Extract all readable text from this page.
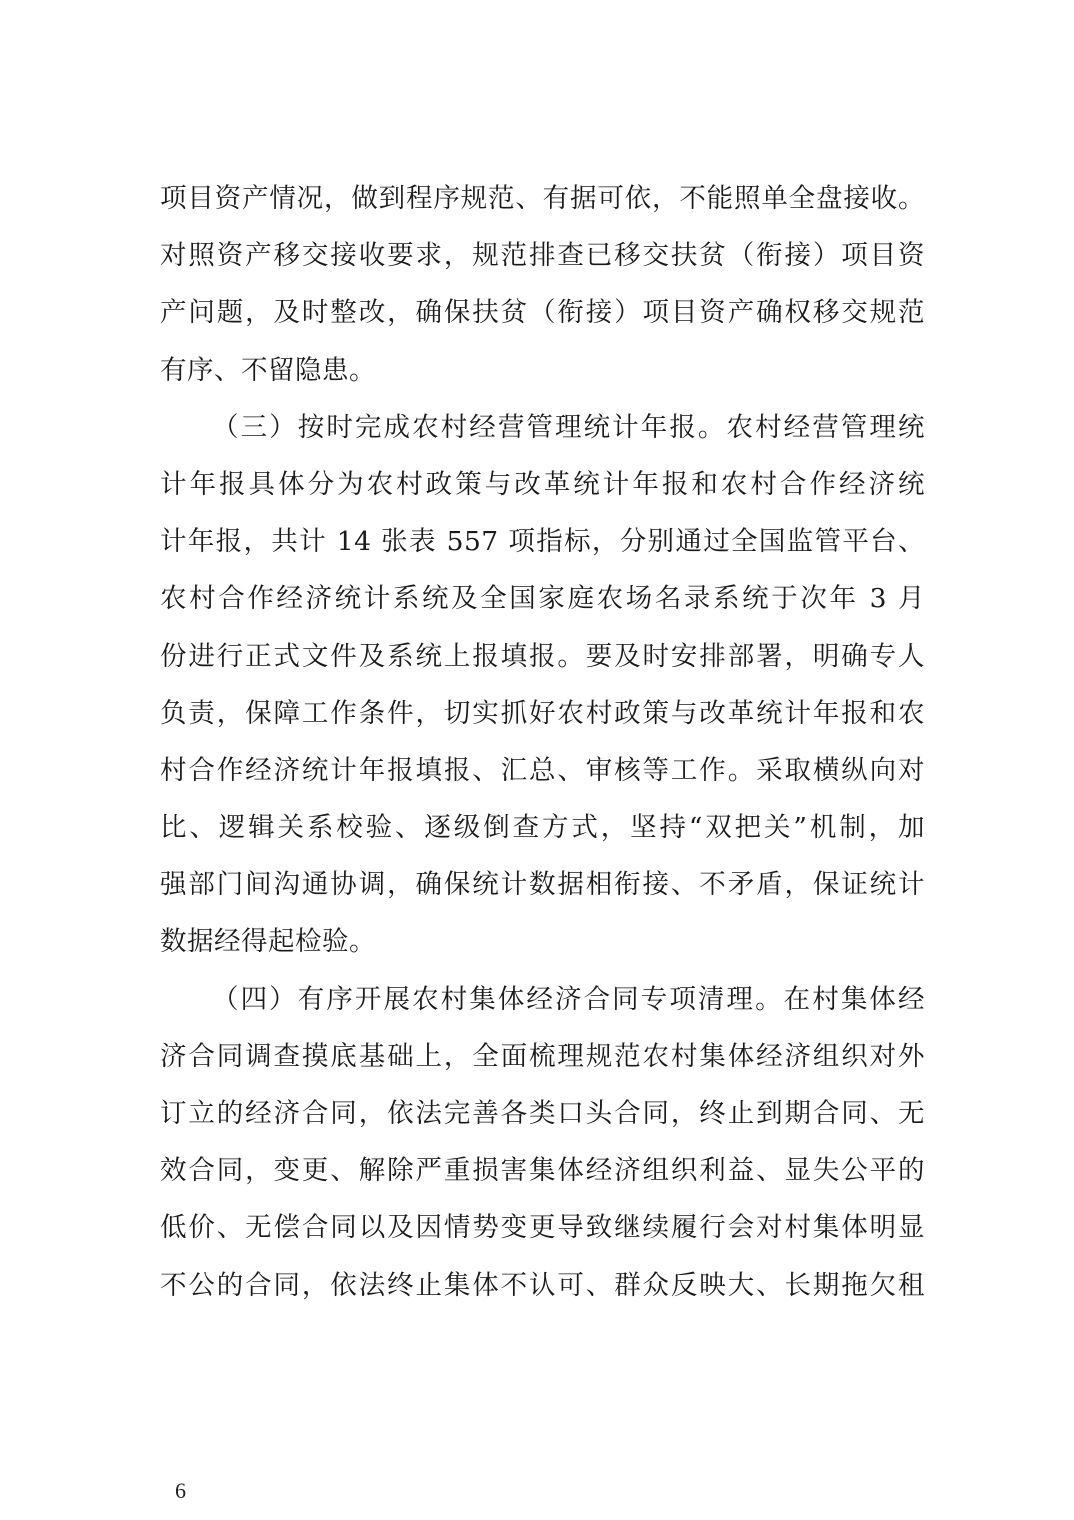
项目资产情况，做到程序规范、有据可依，不能照单全盘接收。
对照资产移交接收要求，规范排查已移交扶贫（衔接）项目资
产问题，及时整改，确保扶贫（衔接）项目资产确权移交规范
有序、不留隐患。
（三）按时完成农村经营管理统计年报。农村经营管理统
计年报具体分为农村政策与改革统计年报和农村合作经济统
计年报，共计 14 张表 557 项指标，分别通过全国监管平台、
农村合作经济统计系统及全国家庭农场名录系统于次年 3 月
份进行正式文件及系统上报填报。要及时安排部署，明确专人
负责，保障工作条件，切实抓好农村政策与改革统计年报和农
村合作经济统计年报填报、汇总、审核等工作。采取横纵向对
比、逻辑关系校验、逐级倒查方式，坚持“双把关”机制，加
强部门间沟通协调，确保统计数据相衔接、不矛盾，保证统计
数据经得起检验。
（四）有序开展农村集体经济合同专项清理。在村集体经
济合同调查摸底基础上，全面梳理规范农村集体经济组织对外
订立的经济合同，依法完善各类口头合同，终止到期合同、无
效合同，变更、解除严重损害集体经济组织利益、显失公平的
低价、无偿合同以及因情势变更导致继续履行会对村集体明显
不公的合同，依法终止集体不认可、群众反映大、长期拖欠租
6
